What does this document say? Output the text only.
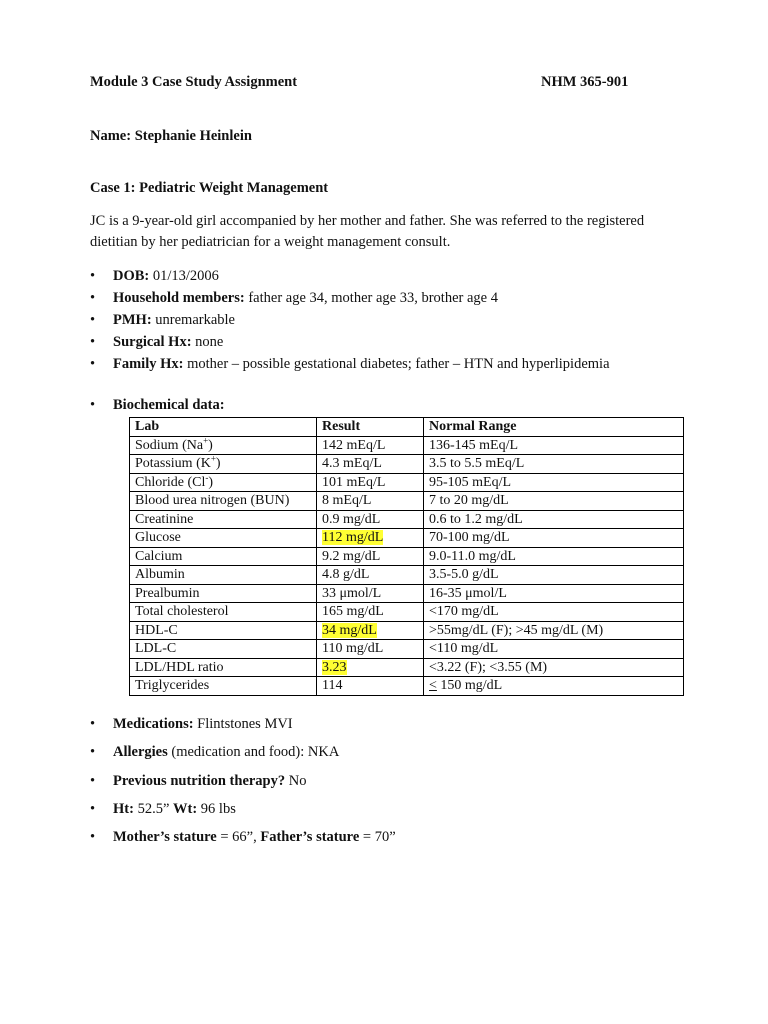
Module 3 Case Study Assignment	NHM 365-901
Name: Stephanie Heinlein
Case 1: Pediatric Weight Management
JC is a 9-year-old girl accompanied by her mother and father. She was referred to the registered dietitian by her pediatrician for a weight management consult.
• DOB: 01/13/2006
• Household members: father age 34, mother age 33, brother age 4
• PMH: unremarkable
• Surgical Hx: none
• Family Hx: mother – possible gestational diabetes; father – HTN and hyperlipidemia
• Biochemical data:
Lab	Result	Normal Range
Sodium (Na+)	142 mEq/L	136-145 mEq/L
Potassium (K+)	4.3 mEq/L	3.5 to 5.5 mEq/L
Chloride (Cl-)	101 mEq/L	95-105 mEq/L
Blood urea nitrogen (BUN)	8 mEq/L	7 to 20 mg/dL
Creatinine	0.9 mg/dL	0.6 to 1.2 mg/dL
Glucose	112 mg/dL	70-100 mg/dL
Calcium	9.2 mg/dL	9.0-11.0 mg/dL
Albumin	4.8 g/dL	3.5-5.0 g/dL
Prealbumin	33 μmol/L	16-35 μmol/L
Total cholesterol	165 mg/dL	<170 mg/dL
HDL-C	34 mg/dL	>55mg/dL (F); >45 mg/dL (M)
LDL-C	110 mg/dL	<110 mg/dL
LDL/HDL ratio	3.23	<3.22 (F); <3.55 (M)
Triglycerides	114	< 150 mg/dL
• Medications: Flintstones MVI
• Allergies (medication and food): NKA
• Previous nutrition therapy? No
• Ht: 52.5” Wt: 96 lbs
• Mother’s stature = 66”, Father’s stature = 70”
